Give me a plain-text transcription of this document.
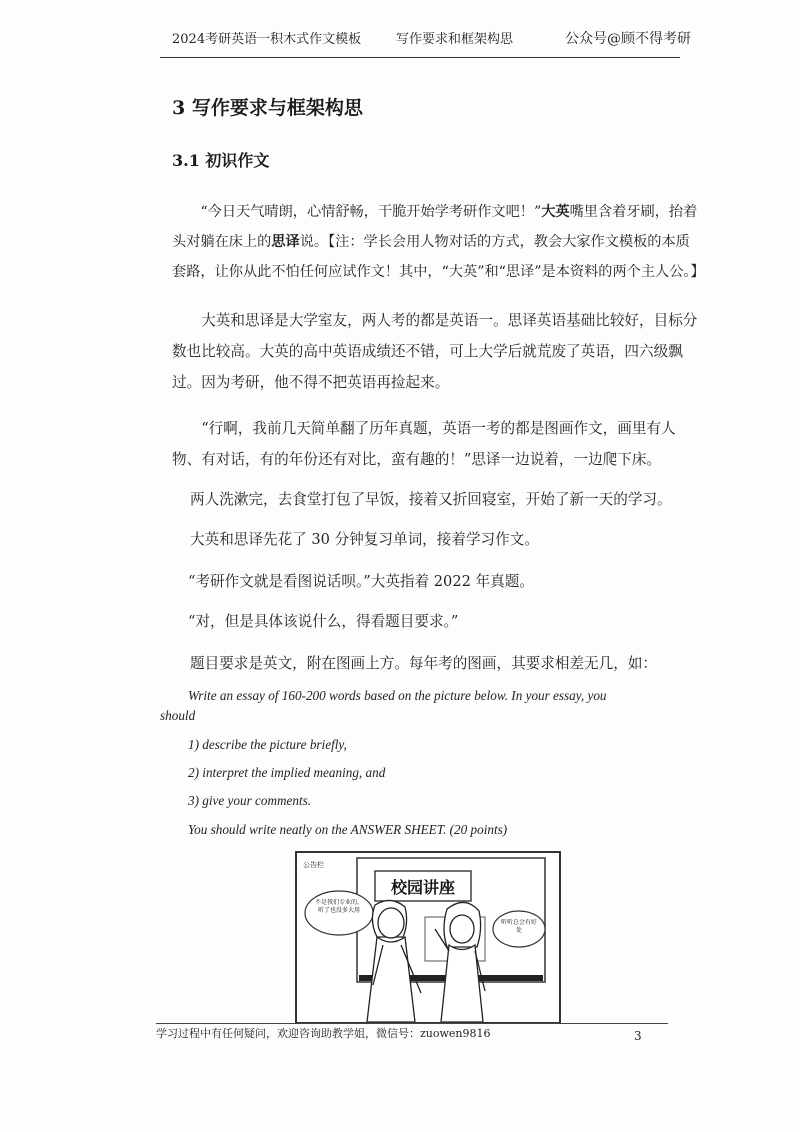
2024考研英语一积木式作文模板	写作要求和框架构思	公众号@顾不得考研
3 写作要求与框架构思
3.1 初识作文
“今日天气晴朗，心情舒畅，干脆开始学考研作文吧！”大英嘴里含着牙刷，抬着头对躺在床上的思译说。【注：学长会用人物对话的方式，教会大家作文模板的本质套路，让你从此不怕任何应试作文！其中，“大英”和“思译”是本资料的两个主人公。】
大英和思译是大学室友，两人考的都是英语一。思译英语基础比较好，目标分数也比较高。大英的高中英语成绩还不错，可上大学后就荒废了英语，四六级飘过。因为考研，他不得不把英语再捡起来。
“行啊，我前几天简单翻了历年真题，英语一考的都是图画作文，画里有人物、有对话，有的年份还有对比，蛮有趣的！”思译一边说着，一边爬下床。
两人洗漱完，去食堂打包了早饭，接着又折回寝室，开始了新一天的学习。
大英和思译先花了 30 分钟复习单词，接着学习作文。
“考研作文就是看图说话呗。”大英指着 2022 年真题。
“对，但是具体该说什么，得看题目要求。”
题目要求是英文，附在图画上方。每年考的图画，其要求相差无几，如：
Write an essay of 160-200 words based on the picture below. In your essay, you
should
1) describe the picture briefly,
2) interpret the implied meaning, and
3) give your comments.
You should write neatly on the ANSWER SHEET. (20 points)
公告栏
校园讲座
不是我们专业的，听了也没多大用
听听总会有好处
学习过程中有任何疑问，欢迎咨询助教学姐，微信号：zuowen9816	3
